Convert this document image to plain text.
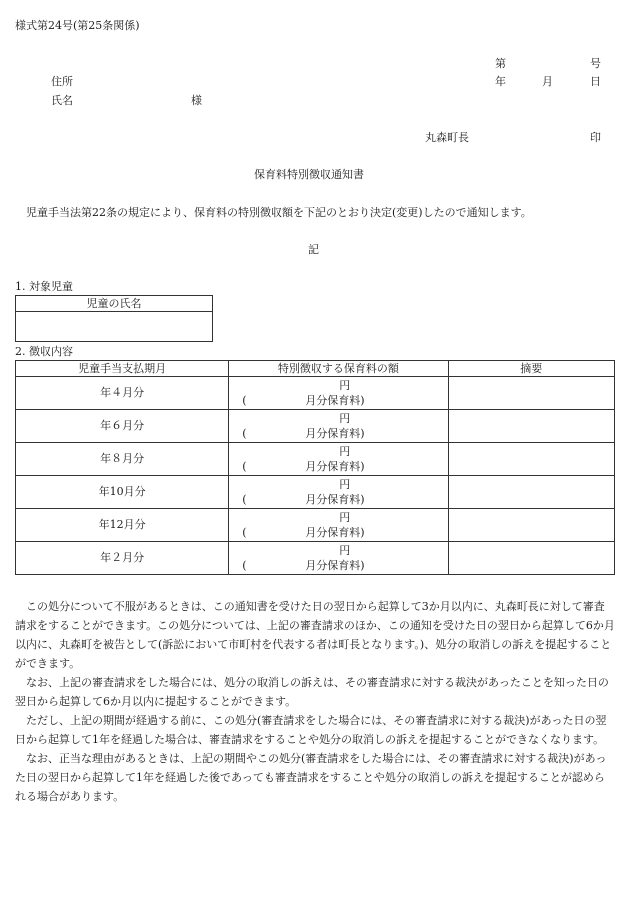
様式第24号(第25条関係)
第	号
住所	年	月	日
氏名	様
丸森町長	印
保育料特別徴収通知書
児童手当法第22条の規定により、保育料の特別徴収額を下記のとおり決定(変更)したので通知します。
記
1. 対象児童
児童の氏名

2. 徴収内容
児童手当支払期月	特別徴収する保育料の額	摘要
年４月分	円
( 月分保育料)	

年６月分	円
( 月分保育料)	

年８月分	円
( 月分保育料)	

年10月分	円
( 月分保育料)	

年12月分	円
( 月分保育料)	

年２月分	円
( 月分保育料)	

この処分について不服があるときは、この通知書を受けた日の翌日から起算して3か月以内に、丸森町長に対して審査請求をすることができます。この処分については、上記の審査請求のほか、この通知を受けた日の翌日から起算して6か月以内に、丸森町を被告として(訴訟において市町村を代表する者は町長となります。)、処分の取消しの訴えを提起することができます。

なお、上記の審査請求をした場合には、処分の取消しの訴えは、その審査請求に対する裁決があったことを知った日の翌日から起算して6か月以内に提起することができます。

ただし、上記の期間が経過する前に、この処分(審査請求をした場合には、その審査請求に対する裁決)があった日の翌日から起算して1年を経過した場合は、審査請求をすることや処分の取消しの訴えを提起することができなくなります。

なお、正当な理由があるときは、上記の期間やこの処分(審査請求をした場合には、その審査請求に対する裁決)があった日の翌日から起算して1年を経過した後であっても審査請求をすることや処分の取消しの訴えを提起することが認められる場合があります。
